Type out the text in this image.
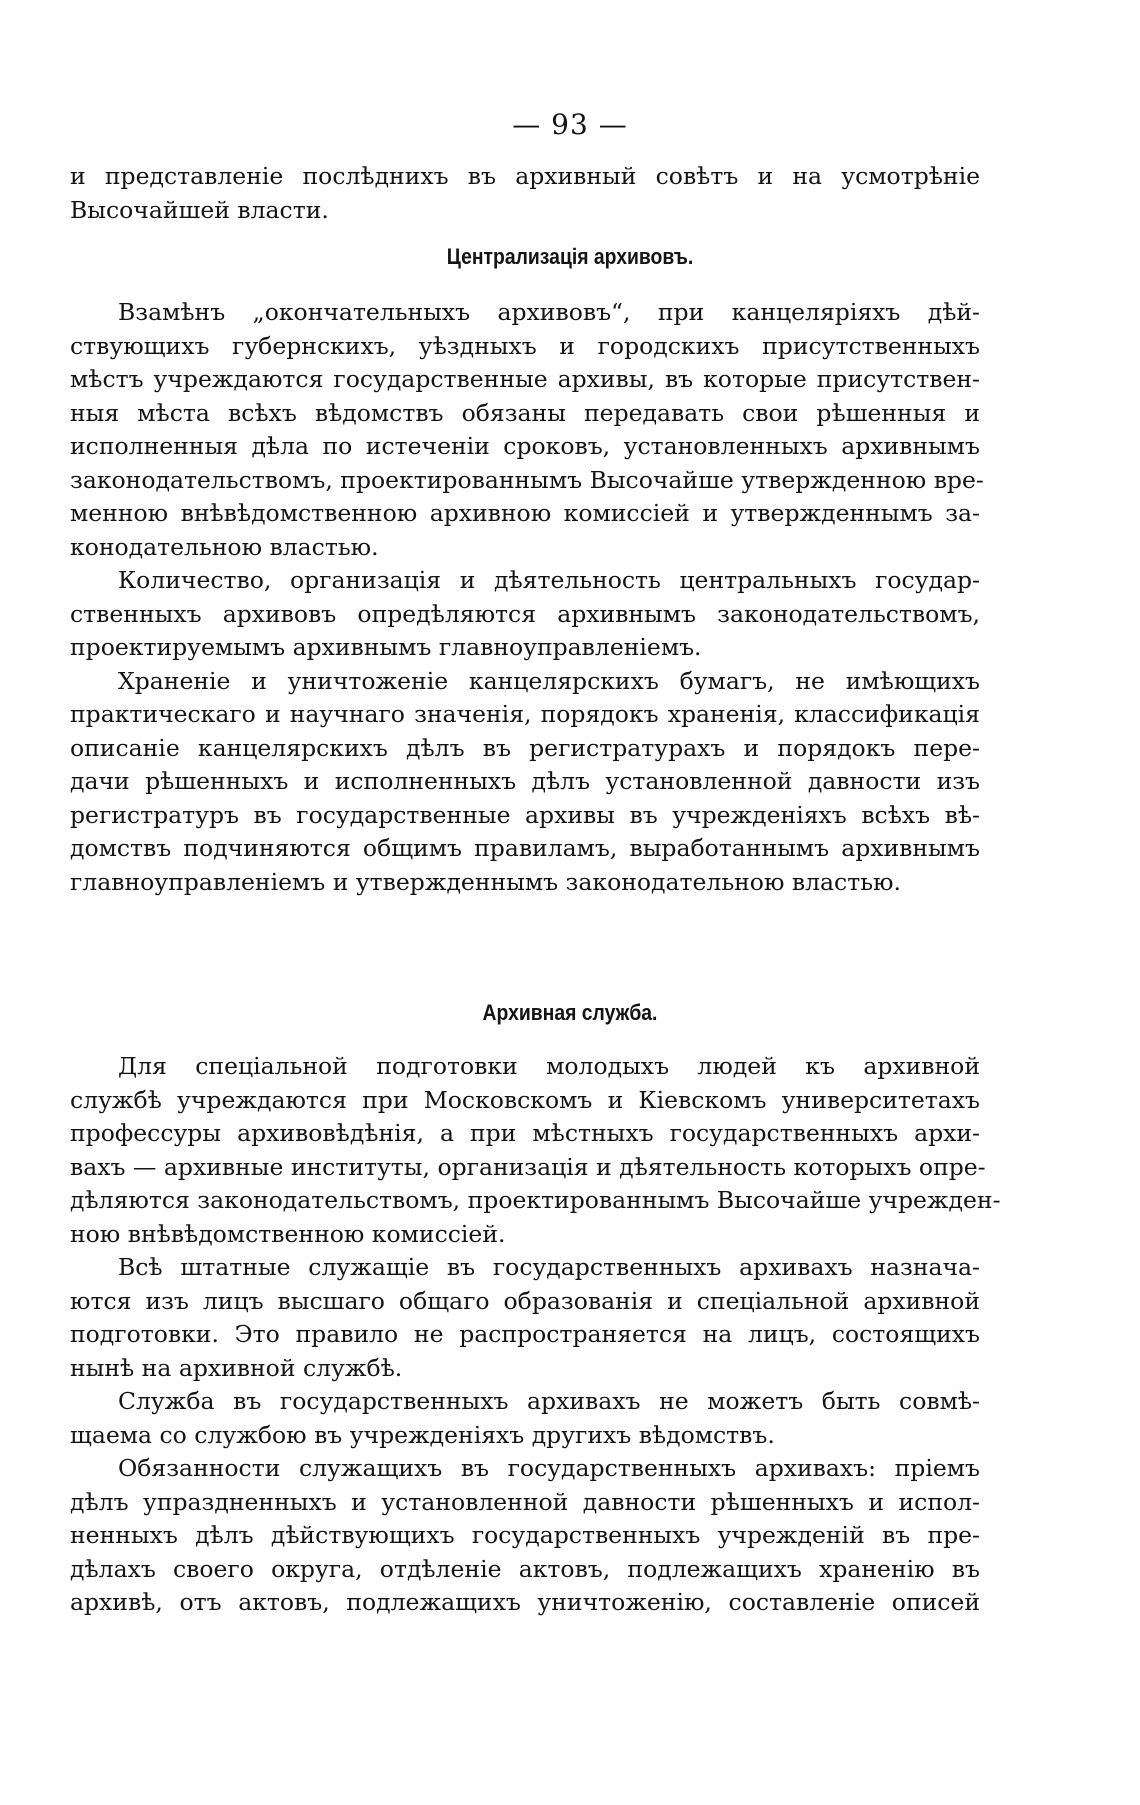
— 93 —
и представленіе послѣднихъ въ архивный совѣтъ и на усмотрѣніе
Высочайшей власти.
Централизація архивовъ.
Взамѣнъ „окончательныхъ архивовъ“, при канцеляріяхъ дѣй-
ствующихъ губернскихъ, уѣздныхъ и городскихъ присутственныхъ
мѣстъ учреждаются государственные архивы, въ которые присутствен-
ныя мѣста всѣхъ вѣдомствъ обязаны передавать свои рѣшенныя и
исполненныя дѣла по истеченіи сроковъ, установленныхъ архивнымъ
законодательствомъ, проектированнымъ Высочайше утвержденною вре-
менною внѣвѣдомственною архивною комиссіей и утвержденнымъ за-
конодательною властью.
Количество, организація и дѣятельность центральныхъ государ-
ственныхъ архивовъ опредѣляются архивнымъ законодательствомъ,
проектируемымъ архивнымъ главноуправленіемъ.
Храненіе и уничтоженіе канцелярскихъ бумагъ, не имѣющихъ
практическаго и научнаго значенія, порядокъ храненія, классификація
описаніе канцелярскихъ дѣлъ въ регистратурахъ и порядокъ пере-
дачи рѣшенныхъ и исполненныхъ дѣлъ установленной давности изъ
регистратуръ въ государственные архивы въ учрежденіяхъ всѣхъ вѣ-
домствъ подчиняются общимъ правиламъ, выработаннымъ архивнымъ
главноуправленіемъ и утвержденнымъ законодательною властью.
Архивная служба.
Для спеціальной подготовки молодыхъ людей къ архивной
службѣ учреждаются при Московскомъ и Кіевскомъ университетахъ
профессуры архивовѣдѣнія, а при мѣстныхъ государственныхъ архи-
вахъ — архивные институты, организація и дѣятельность которыхъ опре-
дѣляются законодательствомъ, проектированнымъ Высочайше учрежден-
ною внѣвѣдомственною комиссіей.
Всѣ штатные служащіе въ государственныхъ архивахъ назнача-
ются изъ лицъ высшаго общаго образованія и спеціальной архивной
подготовки. Это правило не распространяется на лицъ, состоящихъ
нынѣ на архивной службѣ.
Служба въ государственныхъ архивахъ не можетъ быть совмѣ-
щаема со службою въ учрежденіяхъ другихъ вѣдомствъ.
Обязанности служащихъ въ государственныхъ архивахъ: пріемъ
дѣлъ упраздненныхъ и установленной давности рѣшенныхъ и испол-
ненныхъ дѣлъ дѣйствующихъ государственныхъ учрежденій въ пре-
дѣлахъ своего округа, отдѣленіе актовъ, подлежащихъ храненію въ
архивѣ, отъ актовъ, подлежащихъ уничтоженію, составленіе описей
